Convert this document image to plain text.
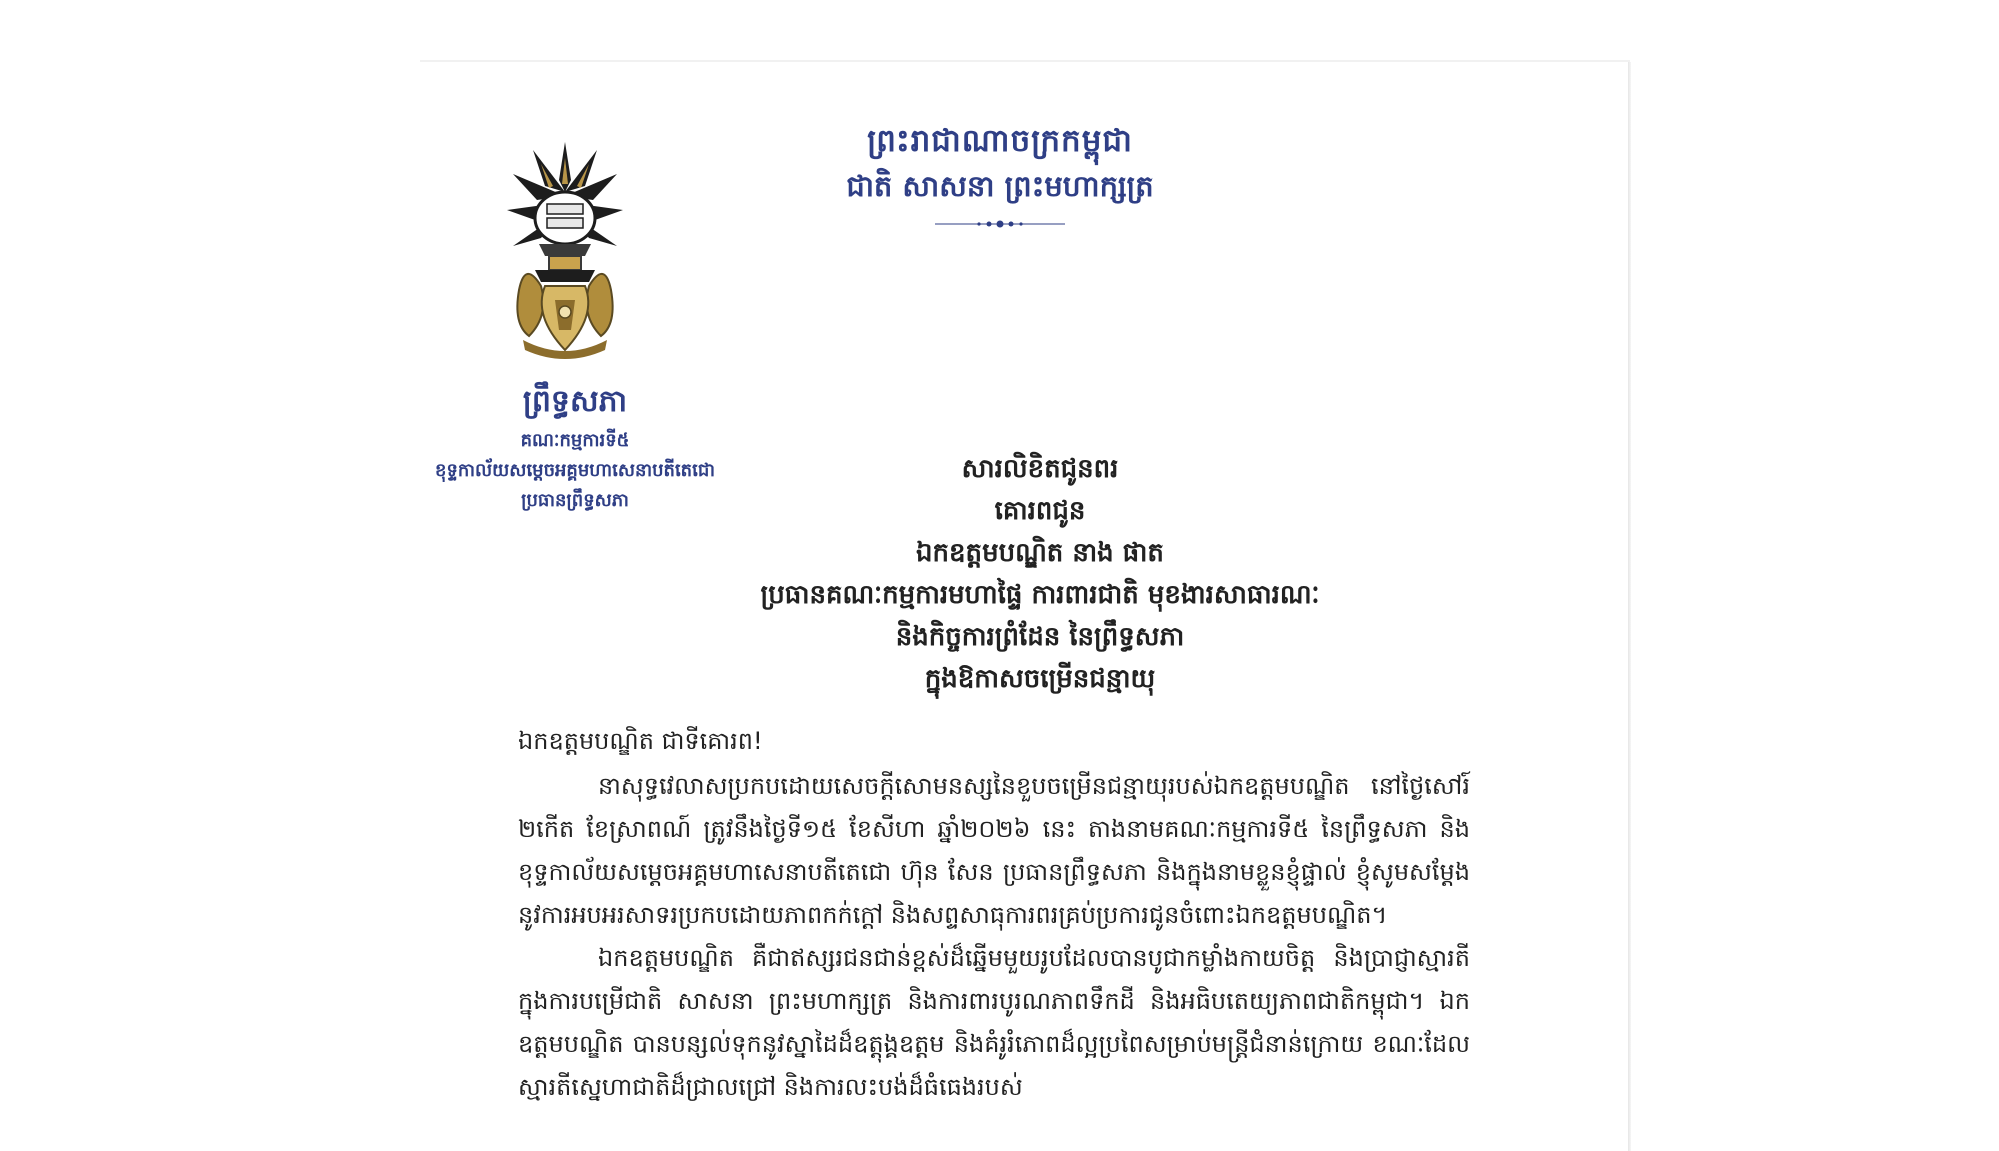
ព្រះរាជាណាចក្រកម្ពុជា
ជាតិ សាសនា ព្រះមហាក្សត្រ
ព្រឹទ្ធសភា
គណៈកម្មការទី៥
ខុទ្ទកាល័យសម្តេចអគ្គមហាសេនាបតីតេជោ
ប្រធានព្រឹទ្ធសភា
សារលិខិតជូនពរ
គោរពជូន
ឯកឧត្តមបណ្ឌិត នាង ផាត
ប្រធានគណៈកម្មការមហាផ្ទៃ ការពារជាតិ មុខងារសាធារណៈ
និងកិច្ចការព្រំដែន នៃព្រឹទ្ធសភា
ក្នុងឱកាសចម្រើនជន្មាយុ

ឯកឧត្តមបណ្ឌិត ជាទីគោរព!

នាសុទ្ធវេលាសប្រកបដោយសេចក្តីសោមនស្សនៃខួបចម្រើនជន្មាយុរបស់ឯកឧត្តមបណ្ឌិត នៅថ្ងៃសៅរ៍ ២កើត ខែស្រាពណ៍ ត្រូវនឹងថ្ងៃទី១៥ ខែសីហា ឆ្នាំ២០២៦ នេះ តាងនាមគណៈកម្មការទី៥ នៃព្រឹទ្ធសភា និងខុទ្ទកាល័យសម្តេចអគ្គមហាសេនាបតីតេជោ ហ៊ុន សែន ប្រធានព្រឹទ្ធសភា និងក្នុងនាមខ្លួនខ្ញុំផ្ទាល់ ខ្ញុំសូមសម្តែងនូវការអបអរសាទរប្រកបដោយភាពកក់ក្តៅ និងសព្ទសាធុការពរគ្រប់ប្រការជូនចំពោះឯកឧត្តមបណ្ឌិត។

ឯកឧត្តមបណ្ឌិត គឺជាឥស្សរជនជាន់ខ្ពស់ដ៏ឆ្នើមមួយរូបដែលបានបូជាកម្លាំងកាយចិត្ត និងប្រាជ្ញាស្មារតី ក្នុងការបម្រើជាតិ សាសនា ព្រះមហាក្សត្រ និងការពារបូរណភាពទឹកដី និងអធិបតេយ្យភាពជាតិកម្ពុជា។ ឯកឧត្តមបណ្ឌិត បានបន្សល់ទុកនូវស្នាដៃដ៏ឧត្តុង្គឧត្តម និងគំរូរំភោពដ៏ល្អប្រពៃសម្រាប់មន្ត្រីជំនាន់ក្រោយ ខណៈដែលស្មារតីស្នេហាជាតិដ៏ជ្រាលជ្រៅ និងការលះបង់ដ៏ធំធេងរបស់
